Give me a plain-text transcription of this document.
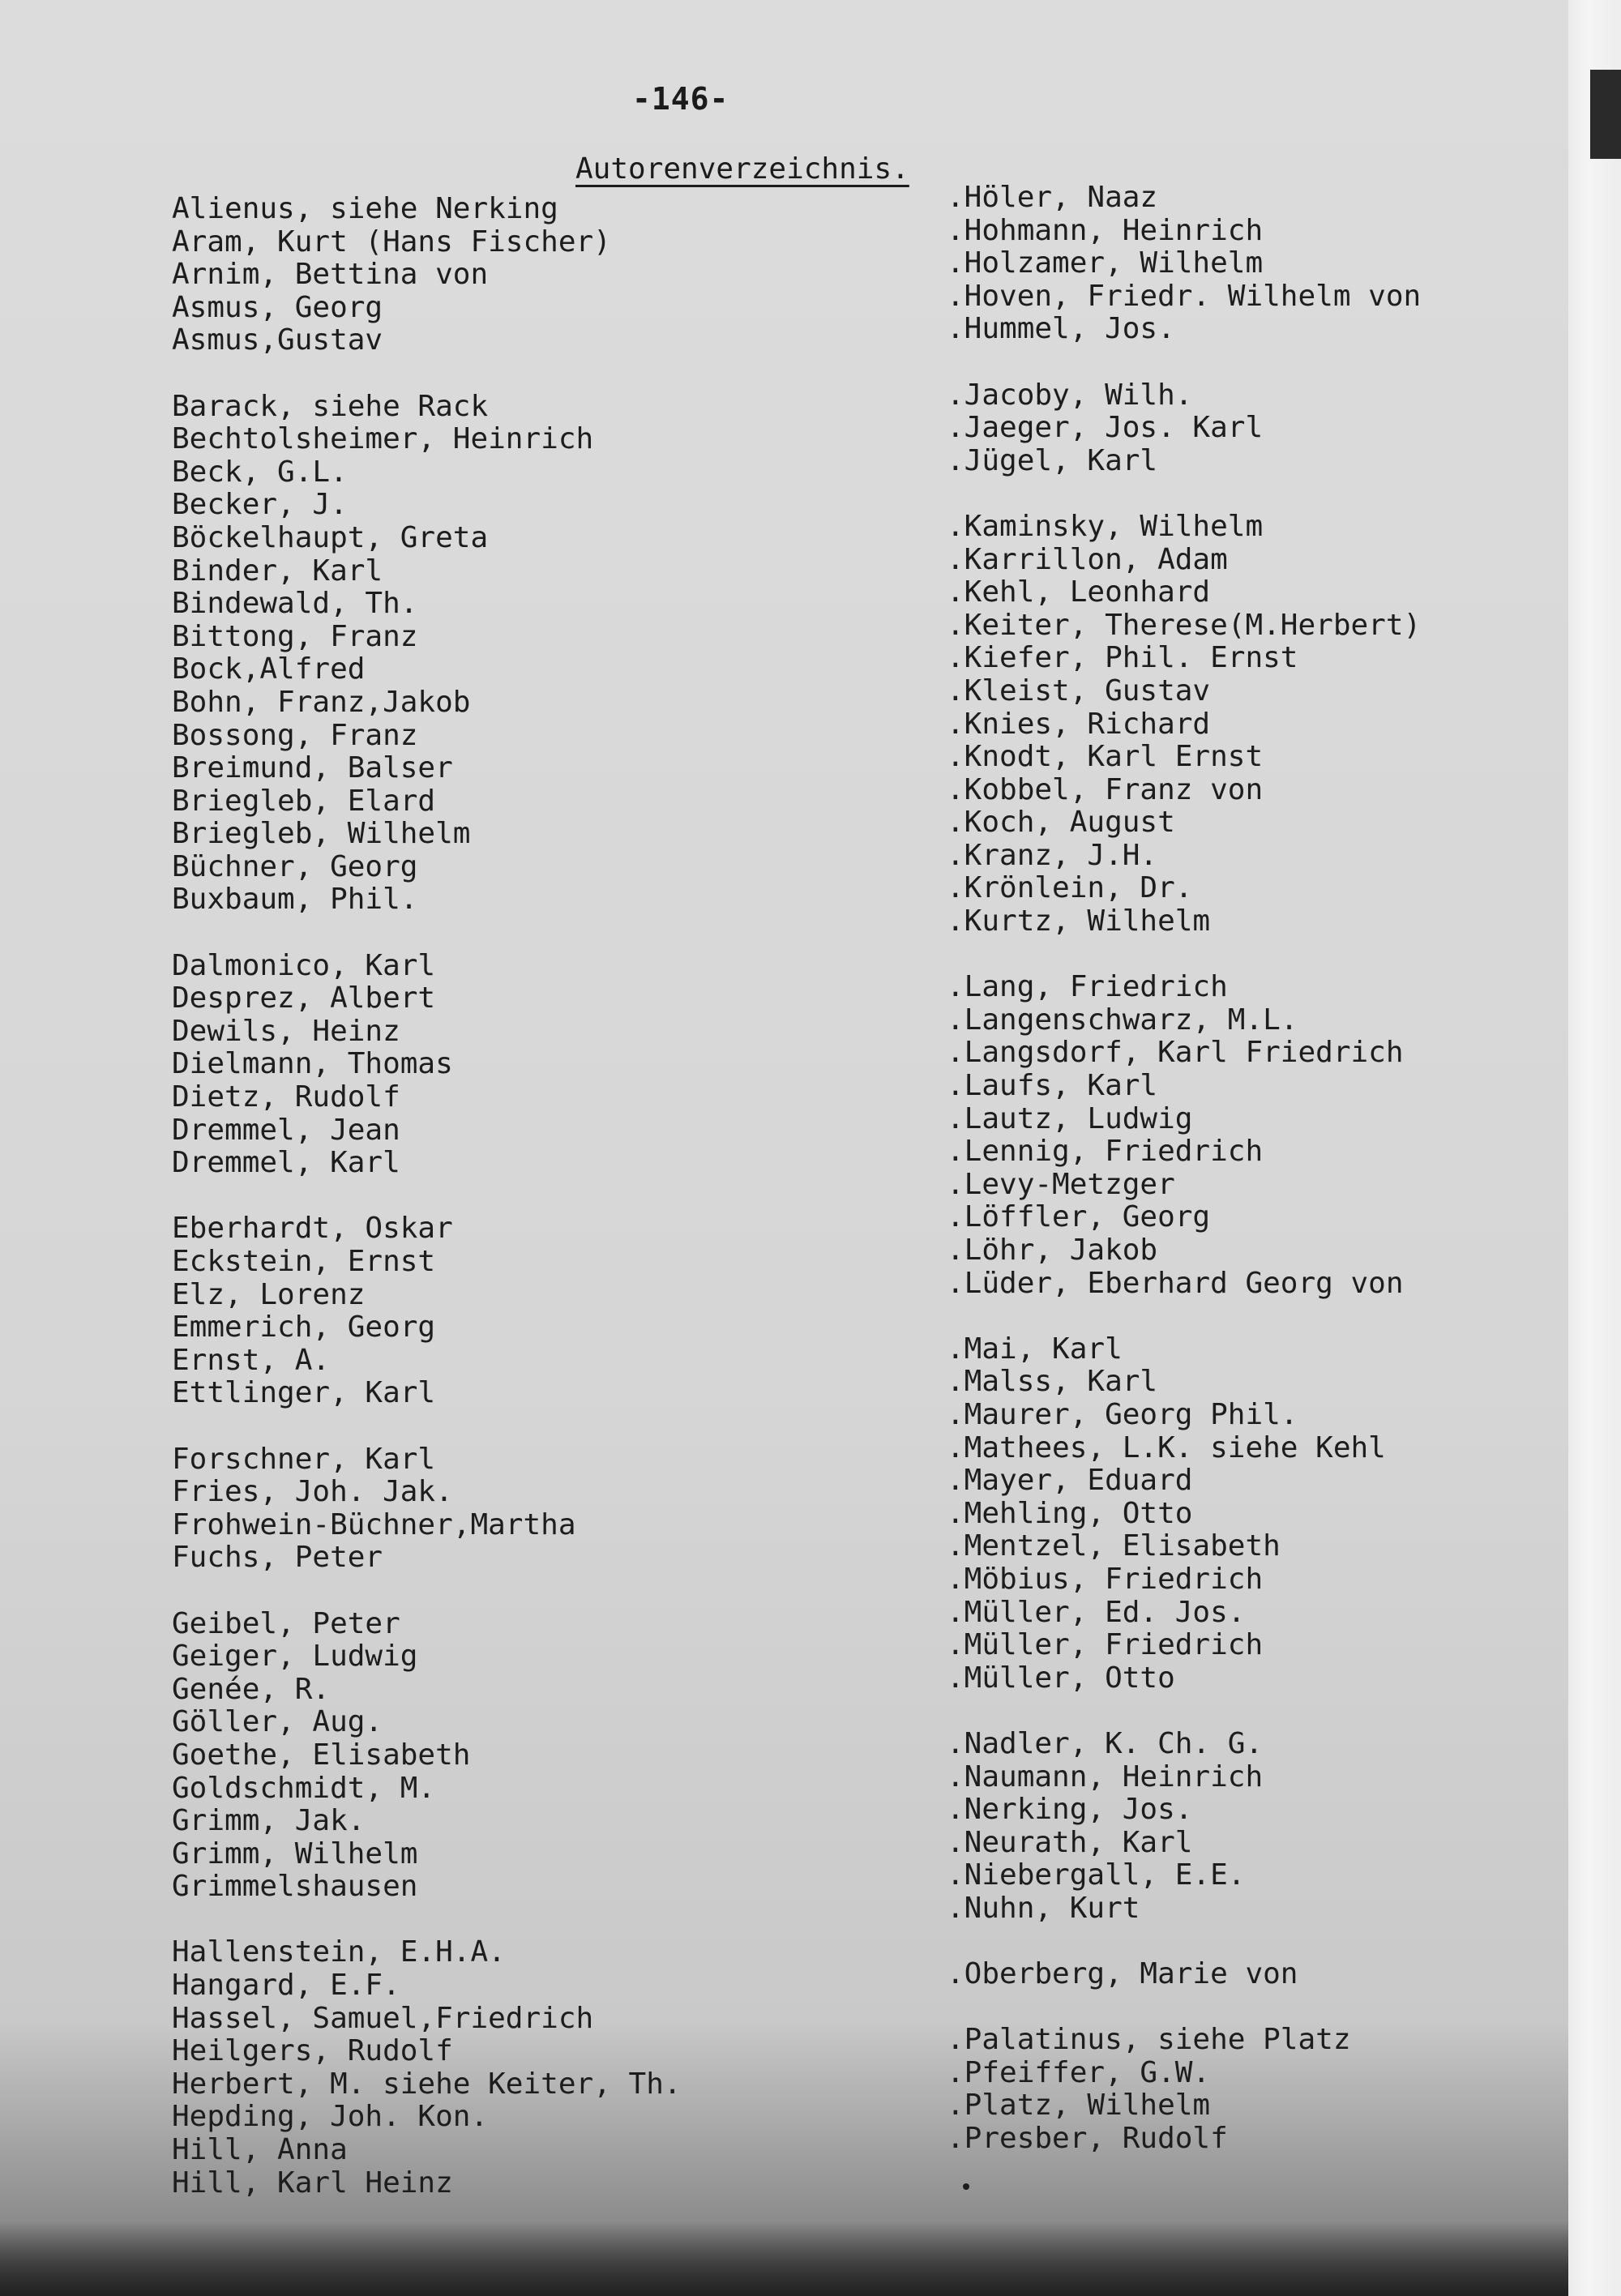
-146-
Autorenverzeichnis.
Alienus, siehe Nerking
Aram, Kurt (Hans Fischer)
Arnim, Bettina von
Asmus, Georg
Asmus,Gustav
Barack, siehe Rack
Bechtolsheimer, Heinrich
Beck, G.L.
Becker, J.
Böckelhaupt, Greta
Binder, Karl
Bindewald, Th.
Bittong, Franz
Bock,Alfred
Bohn, Franz,Jakob
Bossong, Franz
Breimund, Balser
Briegleb, Elard
Briegleb, Wilhelm
Büchner, Georg
Buxbaum, Phil.
Dalmonico, Karl
Desprez, Albert
Dewils, Heinz
Dielmann, Thomas
Dietz, Rudolf
Dremmel, Jean
Dremmel, Karl
Eberhardt, Oskar
Eckstein, Ernst
Elz, Lorenz
Emmerich, Georg
Ernst, A.
Ettlinger, Karl
Forschner, Karl
Fries, Joh. Jak.
Frohwein-Büchner,Martha
Fuchs, Peter
Geibel, Peter
Geiger, Ludwig
Genée, R.
Göller, Aug.
Goethe, Elisabeth
Goldschmidt, M.
Grimm, Jak.
Grimm, Wilhelm
Grimmelshausen
Hallenstein, E.H.A.
Hangard, E.F.
Hassel, Samuel,Friedrich
Heilgers, Rudolf
Herbert, M. siehe Keiter, Th.
Hepding, Joh. Kon.
Hill, Anna
Hill, Karl Heinz
.Höler, Naaz
.Hohmann, Heinrich
.Holzamer, Wilhelm
.Hoven, Friedr. Wilhelm von
.Hummel, Jos.
.Jacoby, Wilh.
.Jaeger, Jos. Karl
.Jügel, Karl
.Kaminsky, Wilhelm
.Karrillon, Adam
.Kehl, Leonhard
.Keiter, Therese(M.Herbert)
.Kiefer, Phil. Ernst
.Kleist, Gustav
.Knies, Richard
.Knodt, Karl Ernst
.Kobbel, Franz von
.Koch, August
.Kranz, J.H.
.Krönlein, Dr.
.Kurtz, Wilhelm
.Lang, Friedrich
.Langenschwarz, M.L.
.Langsdorf, Karl Friedrich
.Laufs, Karl
.Lautz, Ludwig
.Lennig, Friedrich
.Levy-Metzger
.Löffler, Georg
.Löhr, Jakob
.Lüder, Eberhard Georg von
.Mai, Karl
.Malss, Karl
.Maurer, Georg Phil.
.Mathees, L.K. siehe Kehl
.Mayer, Eduard
.Mehling, Otto
.Mentzel, Elisabeth
.Möbius, Friedrich
.Müller, Ed. Jos.
.Müller, Friedrich
.Müller, Otto
.Nadler, K. Ch. G.
.Naumann, Heinrich
.Nerking, Jos.
.Neurath, Karl
.Niebergall, E.E.
.Nuhn, Kurt
.Oberberg, Marie von
.Palatinus, siehe Platz
.Pfeiffer, G.W.
.Platz, Wilhelm
.Presber, Rudolf
